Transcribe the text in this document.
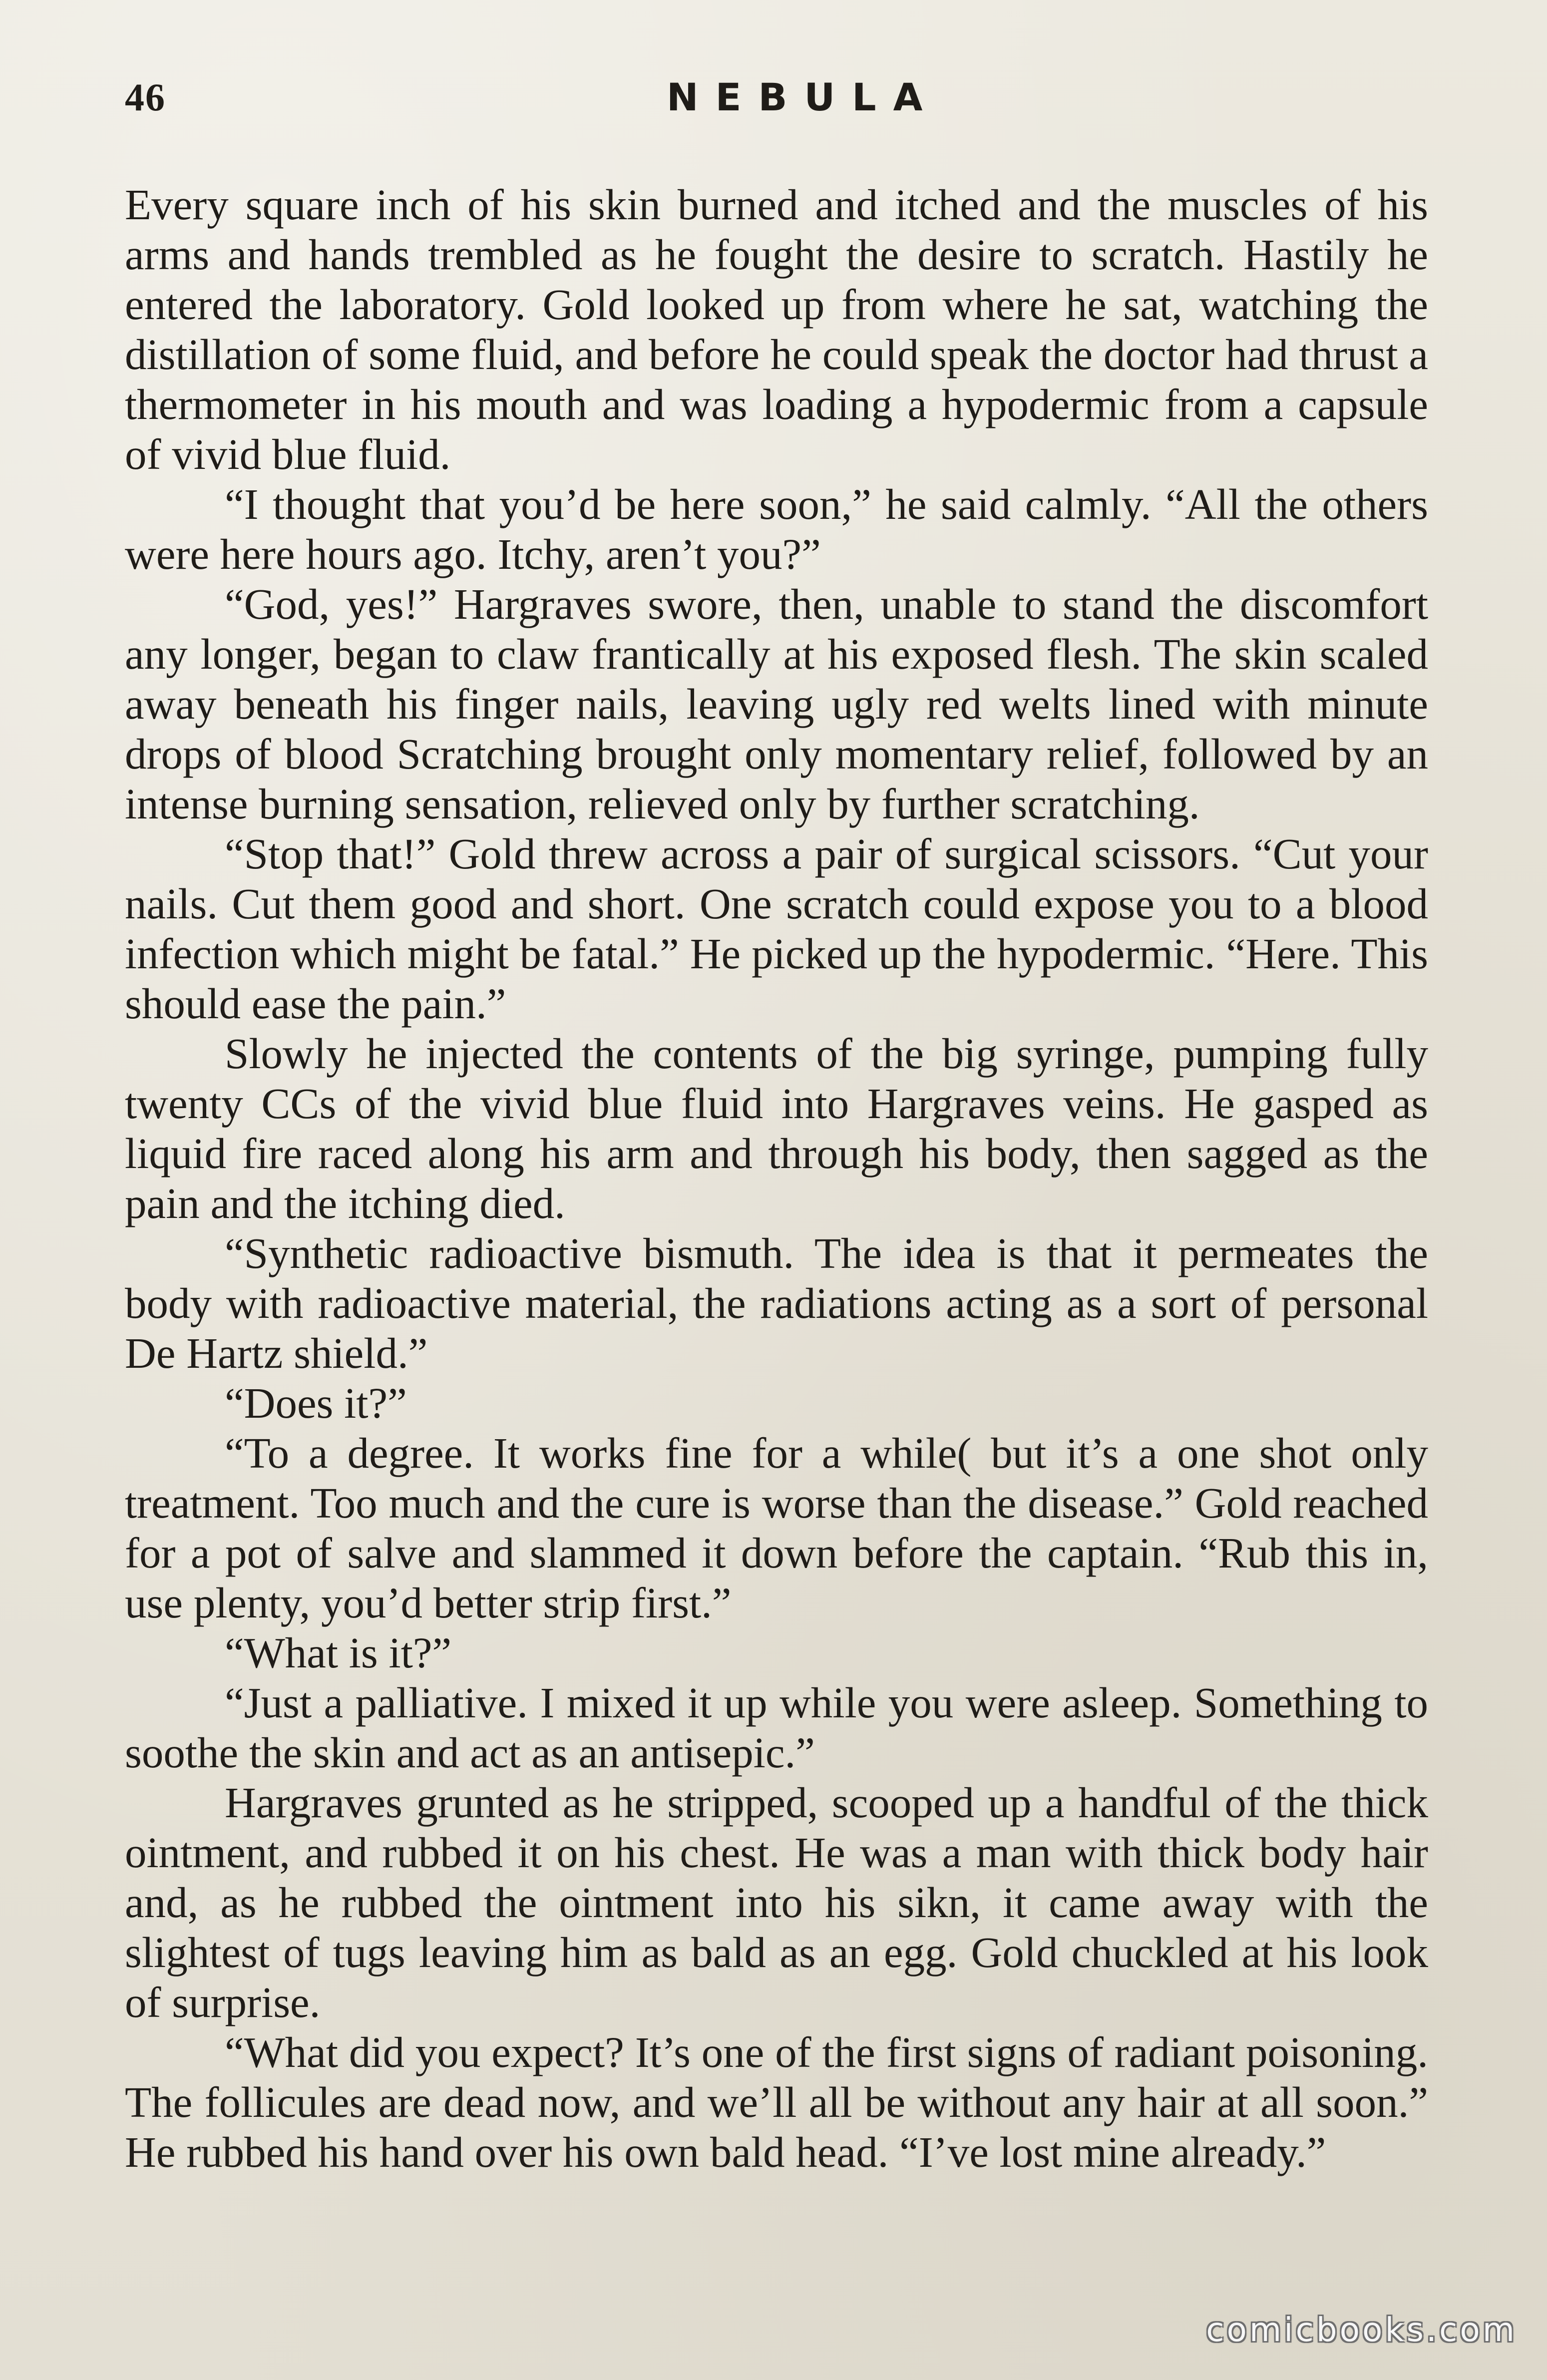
46	NEBULA

Every square inch of his skin burned and itched and the muscles of his arms and hands trembled as he fought the desire to scratch. Hastily he entered the laboratory. Gold looked up from where he sat, watching the distillation of some fluid, and before he could speak the doctor had thrust a thermometer in his mouth and was loading a hypodermic from a capsule of vivid blue fluid.

“I thought that you’d be here soon,” he said calmly. “All the others were here hours ago. Itchy, aren’t you?”

“God, yes!” Hargraves swore, then, unable to stand the discomfort any longer, began to claw frantically at his exposed flesh. The skin scaled away beneath his finger nails, leaving ugly red welts lined with minute drops of blood Scratching brought only momentary relief, followed by an intense burning sensation, relieved only by further scratching.

“Stop that!” Gold threw across a pair of surgical scissors. “Cut your nails. Cut them good and short. One scratch could expose you to a blood infection which might be fatal.” He picked up the hypodermic. “Here. This should ease the pain.”

Slowly he injected the contents of the big syringe, pumping fully twenty CCs of the vivid blue fluid into Hargraves veins. He gasped as liquid fire raced along his arm and through his body, then sagged as the pain and the itching died.

“Synthetic radioactive bismuth. The idea is that it permeates the body with radioactive material, the radiations acting as a sort of personal De Hartz shield.”

“Does it?”

“To a degree. It works fine for a while( but it’s a one shot only treatment. Too much and the cure is worse than the disease.” Gold reached for a pot of salve and slammed it down before the captain. “Rub this in, use plenty, you’d better strip first.”

“What is it?”

“Just a palliative. I mixed it up while you were asleep. Something to soothe the skin and act as an antisepic.”

Hargraves grunted as he stripped, scooped up a handful of the thick ointment, and rubbed it on his chest. He was a man with thick body hair and, as he rubbed the ointment into his sikn, it came away with the slightest of tugs leaving him as bald as an egg. Gold chuckled at his look of surprise.

“What did you expect? It’s one of the first signs of radiant poisoning. The follicules are dead now, and we’ll all be without any hair at all soon.” He rubbed his hand over his own bald head. “I’ve lost mine already.”

comicbooks.com
